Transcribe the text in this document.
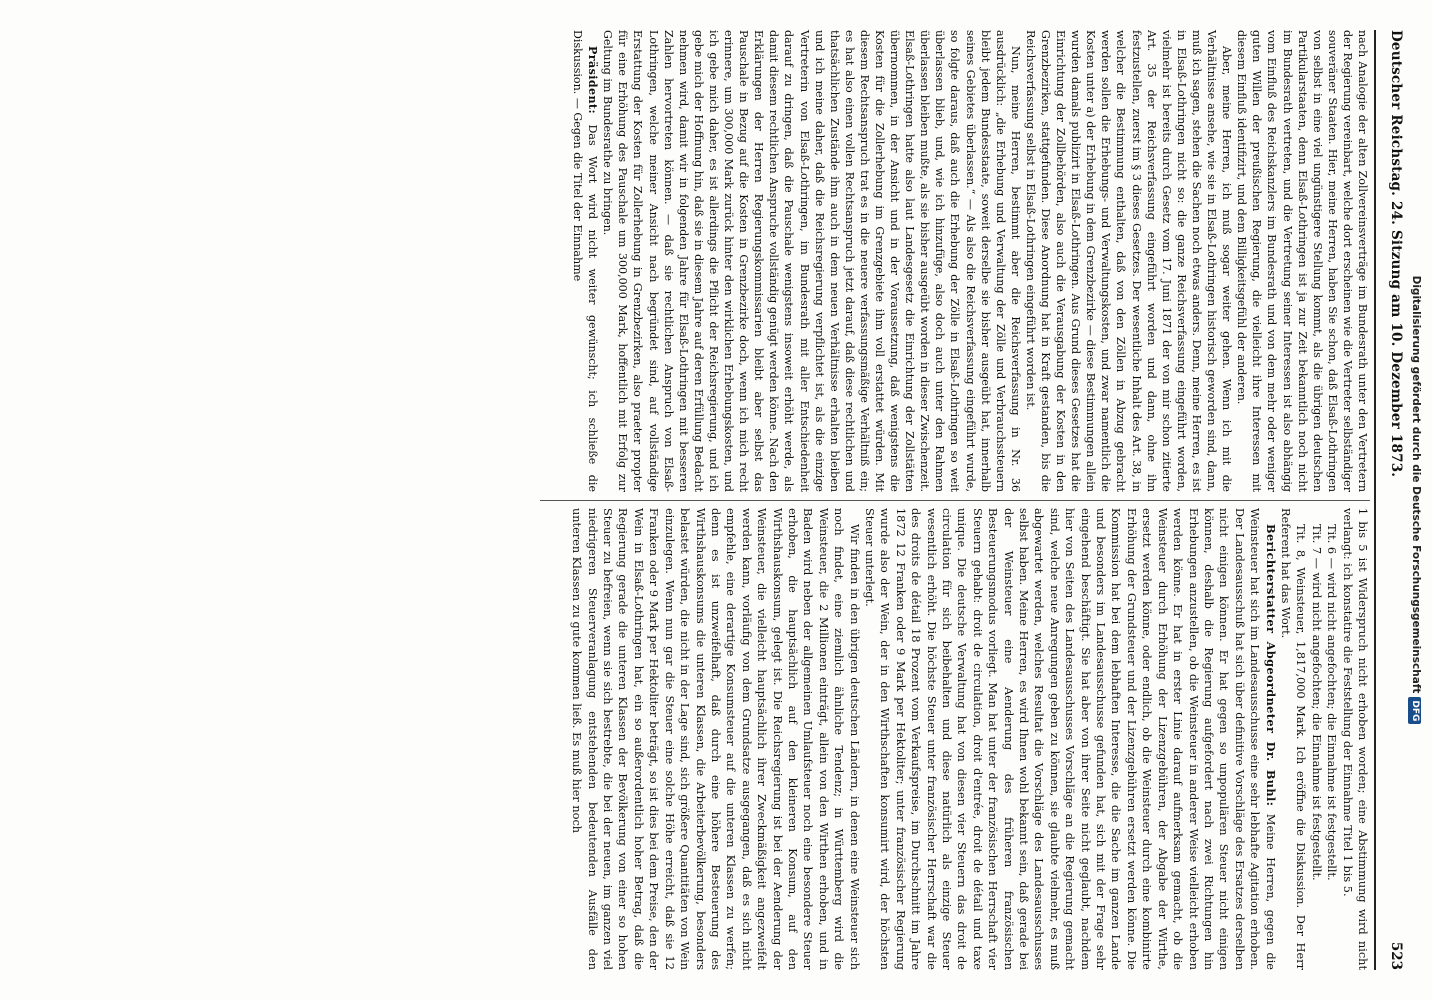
Deutscher Reichstag. 24. Sitzung am 10. Dezember 1873.
523

nach Analogie der alten Zollvereinsverträge im Bundesrath unter den Vertretern der Regierung vereinbart, welche dort erscheinen wie die Vertreter selbständiger souveräner Staaten. Hier, meine Herren, haben Sie schon, daß Elsaß-Lothringen von selbst in eine viel ungünstigere Stellung kommt, als die übrigen deutschen Partikularstaaten, denn Elsaß-Lothringen ist ja zur Zeit bekanntlich noch nicht im Bundesrath vertreten, und die Vertretung seiner Interessen ist also abhängig vom Einfluß des Reichskanzlers im Bundesrath und von dem mehr oder weniger guten Willen der preußischen Regierung, die vielleicht ihre Interessen mit diesem Einfluß identifizirt, und dem Billigkeitsgefühl der anderen.

Aber, meine Herren, ich muß sogar weiter gehen. Wenn ich mit die Verhältnisse ansehe, wie sie in Elsaß-Lothringen historisch geworden sind, dann, muß ich sagen, stehen die Sachen noch etwas anders. Denn, meine Herren, es ist in Elsaß-Lothringen nicht so: die ganze Reichsverfassung eingeführt worden, vielmehr ist bereits durch Gesetz vom 17. Juni 1871 der von mir schon zitierte Art. 35 der Reichsverfassung eingeführt worden und dann, ohne ihn festzustellen, zuerst im § 3 dieses Gesetzes. Der wesentliche Inhalt des Art. 38, in welcher die Bestimmung enthalten, daß von den Zöllen in Abzug gebracht werden sollen die Erhebungs- und Verwaltungskosten, und zwar namentlich die Kosten unter a) der Erhebung in dem Grenzbezirke — diese Bestimmungen allein wurden damals publizirt in Elsaß-Lothringen. Aus Grund dieses Gesetzes hat die Einrichtung der Zollbehörden, also auch die Verausgabung der Kosten in den Grenzbezirken, stattgefunden. Diese Anordnung hat in Kraft gestanden, bis die Reichsverfassung selbst in Elsaß-Lothringen eingeführt worden ist.

Nun, meine Herren, bestimmt aber die Reichsverfassung in Nr. 36 ausdrücklich: „die Erhebung und Verwaltung der Zölle und Verbrauchssteuern bleibt jedem Bundesstaate, soweit derselbe sie bisher ausgeübt hat, innerhalb seines Gebietes überlassen.“ — Als also die Reichsverfassung eingeführt wurde, so folgte daraus, daß auch die Erhebung der Zölle in Elsaß-Lothringen so weit überlassen blieb, und, wie ich hinzufüge, also doch auch unter den Rahmen überlassen bleiben mußte, als sie bisher ausgeübt worden in dieser Zwischenzeit. Elsaß-Lothringen hatte also laut Landesgesetz die Einrichtung der Zollstätten übernommen, in der Ansicht und in der Voraussetzung, daß wenigstens die Kosten für die Zollerhebung im Grenzgebiete ihm voll erstattet würden. Mit diesem Rechtsanspruch trat es in die neuere verfassungsmäßige Verhältniß ein; es hat also einen vollen Rechtsanspruch jetzt darauf, daß diese rechtlichen und thatsächlichen Zustände ihm auch in dem neuen Verhältnisse erhalten bleiben und ich meine daher, daß die Reichsregierung verpflichtet ist, als die einzige Vertreterin von Elsaß-Lothringen, im Bundesrath mit aller Entschiedenheit darauf zu dringen, daß die Pauschale wenigstens insoweit erhöht werde, als damit diesem rechtlichen Anspruche vollständig genügt werden könne. Nach den Erklärungen der Herren Regierungskommissarien bleibt aber selbst das Pauschale in Bezug auf die Kosten in Grenzbezirke doch, wenn ich mich recht erinnere, um 300,000 Mark zurück hinter den wirklichen Erhebungskosten, und ich gebe mich daher, es ist allerdings die Pflicht der Reichsregierung, und ich gebe mich der Hoffnung hin, daß sie in diesem Jahre auf deren Erfüllung Bedacht nehmen wird, damit wir in folgenden Jahre für Elsaß-Lothringen mit besseren Zahlen hervortreten können. — daß sie rechtlichen Anspruch von Elsaß-Lothringen, welche meiner Ansicht nach begründet sind, auf vollständige Erstattung der Kosten für Zollerhebung in Grenzbezirken, also praeter propter für eine Erhöhung des Pauschale um 300,000 Mark, hoffentlich mit Erfolg zur Geltung im Bundesrathe zu bringen.

Präsident: Das Wort wird nicht weiter gewünscht; ich schließe die Diskussion. — Gegen die Titel der Einnahme

1 bis 5 ist Widerspruch nicht erhoben worden; eine Abstimmung wird nicht verlangt: ich konstatire die Feststellung der Einnahme Titel 1 bis 5.

Tit. 6 — wird nicht angefochten; die Einnahme ist festgestellt.

Tit. 7 — wird nicht angefochten; die Einnahme ist festgestellt.

Tit. 8, Weinsteuer, 1,817,000 Mark. Ich eröffne die Diskussion. Der Herr Referent hat das Wort.

Berichterstatter Abgeordneter Dr. Buhl: Meine Herren, gegen die Weinsteuer hat sich im Landesausschusse eine sehr lebhafte Agitation erhoben. Der Landesausschuß hat sich über definitive Vorschläge des Ersatzes derselben nicht einigen können. Er hat gegen so unpopulären Steuer nicht einigen können, deshalb die Regierung aufgefordert nach zwei Richtungen hin Erhebungen anzustellen, ob die Weinsteuer in anderer Weise vielleicht erhoben werden könne. Er hat in erster Linie darauf aufmerksam gemacht, ob die Weinsteuer durch Erhöhung der Lizenzgebühren, der Abgabe der Wirthe, ersetzt werden könne, oder endlich, ob die Weinsteuer durch eine kombinirte Erhöhung der Grundsteuer und der Lizenzgebühren ersetzt werden könne. Die Kommission hat bei dem lebhaften Interesse, die die Sache im ganzen Lande und besonders im Landesausschusse gefunden hat, sich mit der Frage sehr eingehend beschäftigt. Sie hat aber von ihrer Seite nicht geglaubt, nachdem hier von Seiten des Landesausschusses Vorschläge an die Regierung gemacht sind, welche neue Anregungen geben zu können, sie glaubte vielmehr, es muß abgewartet werden, welches Resultat die Vorschläge des Landesausschusses selbst haben. Meine Herren, es wird Ihnen wohl bekannt sein, daß gerade bei der Weinsteuer eine Aenderung des früheren französischen Besteuerungsmodus vorliegt. Man hat unter der französischen Herrschaft vier Steuern gehabt: droit de circulation, droit d'entrée, droit de détail und taxe unique. Die deutsche Verwaltung hat von diesen vier Steuern das droit de circulation für sich beibehalten und diese natürlich als einzige Steuer wesentlich erhöht. Die höchste Steuer unter französischer Herrschaft war die des droits de détail 18 Prozent vom Verkaufspreise, im Durchschnitt im Jahre 1872 12 Franken oder 9 Mark per Hektoliter; unter französischer Regierung wurde also der Wein, der in den Wirthschaften konsumirt wird, der höchsten Steuer unterlegt.

Wir finden in den übrigen deutschen Ländern, in denen eine Weinsteuer sich noch findet, eine ziemlich ähnliche Tendenz; in Württemberg wird die Weinsteuer, die 2 Millionen einträgt, allein von den Wirthen erhoben, und in Baden wird neben der allgemeinen Umlaufsteuer noch eine besondere Steuer erhoben, die hauptsächlich auf den kleineren Konsum, auf den Wirthshauskonsum, gelegt ist. Die Reichsregierung ist bei der Aenderung der Weinsteuer, die vielleicht hauptsächlich ihrer Zweckmäßigkeit angezweifelt werden kann, vorläufig von dem Grundsatze ausgegangen, daß es sich nicht empfehle, eine derartige Konsumsteuer auf die unteren Klassen zu werfen; denn es ist unzweifelhaft, daß durch eine höhere Besteuerung des Wirthshauskonsums die unteren Klassen, die Arbeiterbevölkerung, besonders belastet würden, die nicht in der Lage sind, sich größere Quantitäten von Wein einzulegen. Wenn nun gar die Steuer eine solche Höhe erreicht, daß sie 12 Franken oder 9 Mark per Hektoliter beträgt, so ist dies bei dem Preise, den der Wein in Elsaß-Lothringen hat, ein so außerordentlich hoher Betrag, daß die Regierung gerade die unteren Klassen der Bevölkerung von einer so hohen Steuer zu befreien, wenn sie sich bestrebte, die bei der neuen, im ganzen viel niedrigeren Steuerveranlagung entstehenden bedeutenden Ausfälle den unteren Klassen zu gute kommen ließ. Es muß hier noch	Digitalisierung gefördert durch die Deutsche ForschungsgemeinschaftDFG
